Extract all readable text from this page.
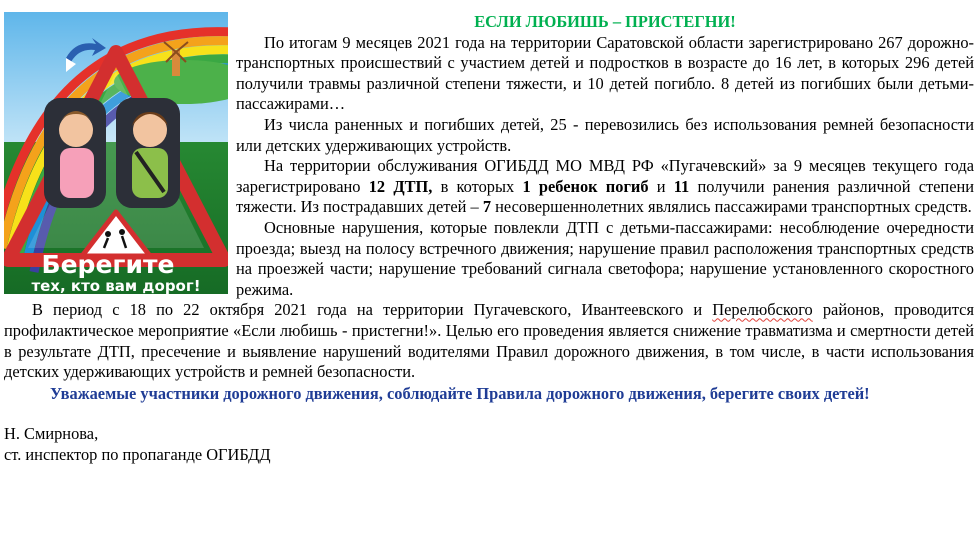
Берегите
тех, кто вам дорог!
ЕСЛИ ЛЮБИШЬ – ПРИСТЕГНИ!

По итогам 9 месяцев 2021 года на территории Саратовской области зарегистрировано 267 дорожно-транспортных происшествий с участием детей и подростков в возрасте до 16 лет, в которых 296 детей получили травмы различной степени тяжести, и 10 детей погибло. 8 детей из погибших были детьми-пассажирами…

Из числа раненных и погибших детей, 25 - перевозились без использования ремней безопасности или детских удерживающих устройств.

На территории обслуживания ОГИБДД МО МВД РФ «Пугачевский» за 9 месяцев текущего года зарегистрировано 12 ДТП, в которых 1 ребенок погиб и 11 получили ранения различной степени тяжести. Из пострадавших детей – 7 несовершеннолетних являлись пассажирами транспортных средств.

Основные нарушения, которые повлекли ДТП с детьми-пассажирами: несоблюдение очередности проезда; выезд на полосу встречного движения; нарушение правил расположения транспортных средств на проезжей части; нарушение требований сигнала светофора; нарушение установленного скоростного режима.

В период с 18 по 22 октября 2021 года на территории Пугачевского, Ивантеевского и Перелюбского районов, проводится профилактическое мероприятие «Если любишь - пристегни!». Целью его проведения является снижение травматизма и смертности детей в результате ДТП, пресечение и выявление нарушений водителями Правил дорожного движения, в том числе, в части использования детских удерживающих устройств и ремней безопасности.

Уважаемые участники дорожного движения, соблюдайте Правила дорожного движения, берегите своих детей!

Н. Смирнова,

ст. инспектор по пропаганде ОГИБДД
